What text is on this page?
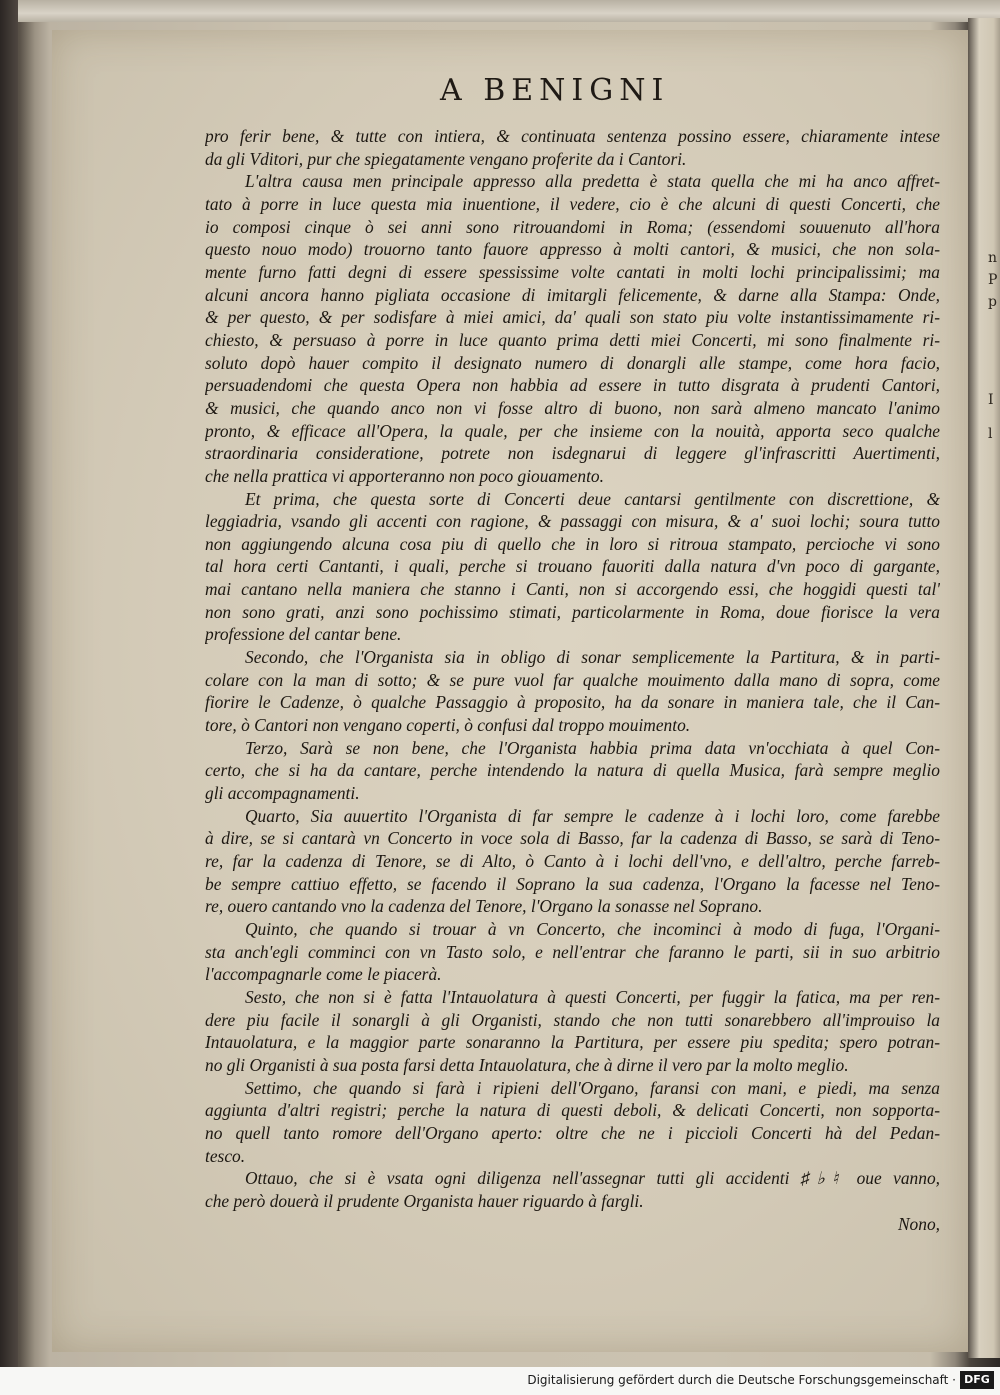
n
P
p
I
l
A BENIGNI
pro ferir bene, & tutte con intiera, & continuata sentenza possino essere, chiaramente intese
da gli Vditori, pur che spiegatamente vengano proferite da i Cantori.
L'altra causa men principale appresso alla predetta è stata quella che mi ha anco affret-
tato à porre in luce questa mia inuentione, il vedere, cio è che alcuni di questi Concerti, che
io composi cinque ò sei anni sono ritrouandomi in Roma; (essendomi souuenuto all'hora
questo nouo modo) trouorno tanto fauore appresso à molti cantori, & musici, che non sola-
mente furno fatti degni di essere spessissime volte cantati in molti lochi principalissimi; ma
alcuni ancora hanno pigliata occasione di imitargli felicemente, & darne alla Stampa: Onde,
& per questo, & per sodisfare à miei amici, da' quali son stato piu volte instantissimamente ri-
chiesto, & persuaso à porre in luce quanto prima detti miei Concerti, mi sono finalmente ri-
soluto dopò hauer compito il designato numero di donargli alle stampe, come hora facio,
persuadendomi che questa Opera non habbia ad essere in tutto disgrata à prudenti Cantori,
& musici, che quando anco non vi fosse altro di buono, non sarà almeno mancato l'animo
pronto, & efficace all'Opera, la quale, per che insieme con la nouità, apporta seco qualche
straordinaria consideratione, potrete non isdegnarui di leggere gl'infrascritti Auertimenti,
che nella prattica vi apporteranno non poco giouamento.
Et prima, che questa sorte di Concerti deue cantarsi gentilmente con discrettione, &
leggiadria, vsando gli accenti con ragione, & passaggi con misura, & a' suoi lochi; soura tutto
non aggiungendo alcuna cosa piu di quello che in loro si ritroua stampato, percioche vi sono
tal hora certi Cantanti, i quali, perche si trouano fauoriti dalla natura d'vn poco di gargante,
mai cantano nella maniera che stanno i Canti, non si accorgendo essi, che hoggidi questi tal'
non sono grati, anzi sono pochissimo stimati, particolarmente in Roma, doue fiorisce la vera
professione del cantar bene.
Secondo, che l'Organista sia in obligo di sonar semplicemente la Partitura, & in parti-
colare con la man di sotto; & se pure vuol far qualche mouimento dalla mano di sopra, come
fiorire le Cadenze, ò qualche Passaggio à proposito, ha da sonare in maniera tale, che il Can-
tore, ò Cantori non vengano coperti, ò confusi dal troppo mouimento.
Terzo, Sarà se non bene, che l'Organista habbia prima data vn'occhiata à quel Con-
certo, che si ha da cantare, perche intendendo la natura di quella Musica, farà sempre meglio
gli accompagnamenti.
Quarto, Sia auuertito l'Organista di far sempre le cadenze à i lochi loro, come farebbe
à dire, se si cantarà vn Concerto in voce sola di Basso, far la cadenza di Basso, se sarà di Teno-
re, far la cadenza di Tenore, se di Alto, ò Canto à i lochi dell'vno, e dell'altro, perche farreb-
be sempre cattiuo effetto, se facendo il Soprano la sua cadenza, l'Organo la facesse nel Teno-
re, ouero cantando vno la cadenza del Tenore, l'Organo la sonasse nel Soprano.
Quinto, che quando si trouar à vn Concerto, che incominci à modo di fuga, l'Organi-
sta anch'egli comminci con vn Tasto solo, e nell'entrar che faranno le parti, sii in suo arbitrio
l'accompagnarle come le piacerà.
Sesto, che non si è fatta l'Intauolatura à questi Concerti, per fuggir la fatica, ma per ren-
dere piu facile il sonargli à gli Organisti, stando che non tutti sonarebbero all'improuiso la
Intauolatura, e la maggior parte sonaranno la Partitura, per essere piu spedita; spero potran-
no gli Organisti à sua posta farsi detta Intauolatura, che à dirne il vero par la molto meglio.
Settimo, che quando si farà i ripieni dell'Organo, faransi con mani, e piedi, ma senza
aggiunta d'altri registri; perche la natura di questi deboli, & delicati Concerti, non sopporta-
no quell tanto romore dell'Organo aperto: oltre che ne i piccioli Concerti hà del Pedan-
tesco.
Ottauo, che si è vsata ogni diligenza nell'assegnar tutti gli accidenti ♯♭♮ oue vanno,
che però douerà il prudente Organista hauer riguardo à fargli.
Nono,
Digitalisierung gefördert durch die Deutsche Forschungsgemeinschaft · DFG
